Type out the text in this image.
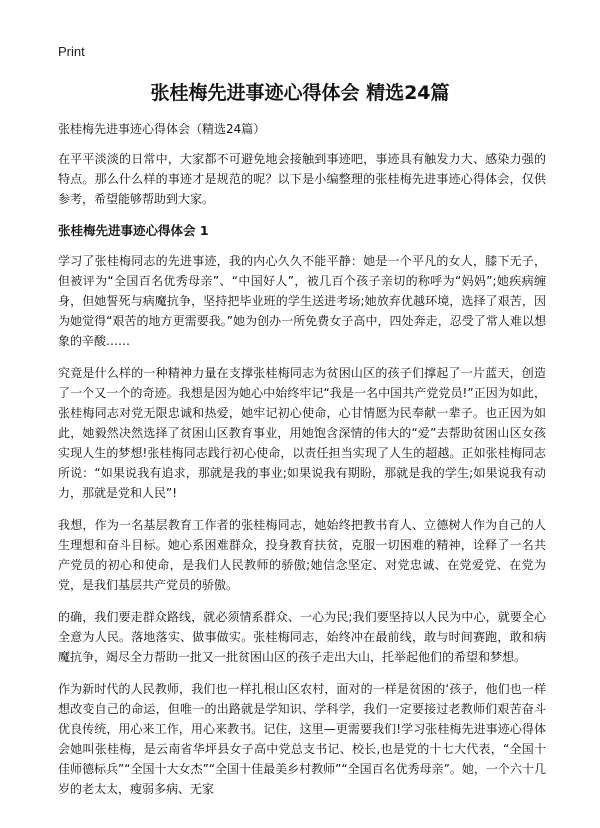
Print
张桂梅先进事迹心得体会 精选24篇
张桂梅先进事迹心得体会（精选24篇）

在平平淡淡的日常中，大家都不可避免地会接触到事迹吧，事迹具有触发力大、感染力强的特点。那么什么样的事迹才是规范的呢？以下是小编整理的张桂梅先进事迹心得体会，仅供参考，希望能够帮助到大家。

张桂梅先进事迹心得体会 1

学习了张桂梅同志的先进事迹，我的内心久久不能平静：她是一个平凡的女人，膝下无子，但被评为“全国百名优秀母亲”、“中国好人”，被几百个孩子亲切的称呼为“妈妈”;她疾病缠身，但她誓死与病魔抗争，坚持把毕业班的学生送进考场;她放弃优越环境，选择了艰苦，因为她觉得“艰苦的地方更需要我。”她为创办一所免费女子高中，四处奔走，忍受了常人难以想象的辛酸……

究竟是什么样的一种精神力量在支撑张桂梅同志为贫困山区的孩子们撑起了一片蓝天，创造了一个又一个的奇迹。我想是因为她心中始终牢记“我是一名中国共产党党员!”正因为如此，张桂梅同志对党无限忠诚和热爱，她牢记初心使命，心甘情愿为民奉献一辈子。也正因为如此，她毅然决然选择了贫困山区教育事业，用她饱含深情的伟大的“爱”去帮助贫困山区女孩实现人生的梦想!张桂梅同志践行初心使命，以责任担当实现了人生的超越。正如张桂梅同志所说：“如果说我有追求，那就是我的事业;如果说我有期盼，那就是我的学生;如果说我有动力，那就是党和人民”!

我想，作为一名基层教育工作者的张桂梅同志，她始终把教书育人、立德树人作为自己的人生理想和奋斗目标。她心系困难群众，投身教育扶贫，克服一切困难的精神，诠释了一名共产党员的初心和使命，是我们人民教师的骄傲;她信念坚定、对党忠诚、在党爱党、在党为党，是我们基层共产党员的骄傲。

的确，我们要走群众路线，就必须情系群众、一心为民;我们要坚持以人民为中心，就要全心全意为人民。落地落实、做事做实。张桂梅同志，始终冲在最前线，敢与时间赛跑，敢和病魔抗争，竭尽全力帮助一批又一批贫困山区的孩子走出大山，托举起他们的希望和梦想。

作为新时代的人民教师，我们也一样扎根山区农村，面对的一样是贫困的‘孩子，他们也一样想改变自己的命运，但唯一的出路就是学知识、学科学，我们一定要接过老教师们艰苦奋斗优良传统，用心来工作，用心来教书。记住，这里—更需要我们!学习张桂梅先进事迹心得体会她叫张桂梅，是云南省华坪县女子高中党总支书记、校长,也是党的十七大代表，“全国十佳师德标兵”“全国十大女杰”“全国十佳最美乡村教师”“全国百名优秀母亲”。她，一个六十几岁的老太太，瘦弱多病、无家
